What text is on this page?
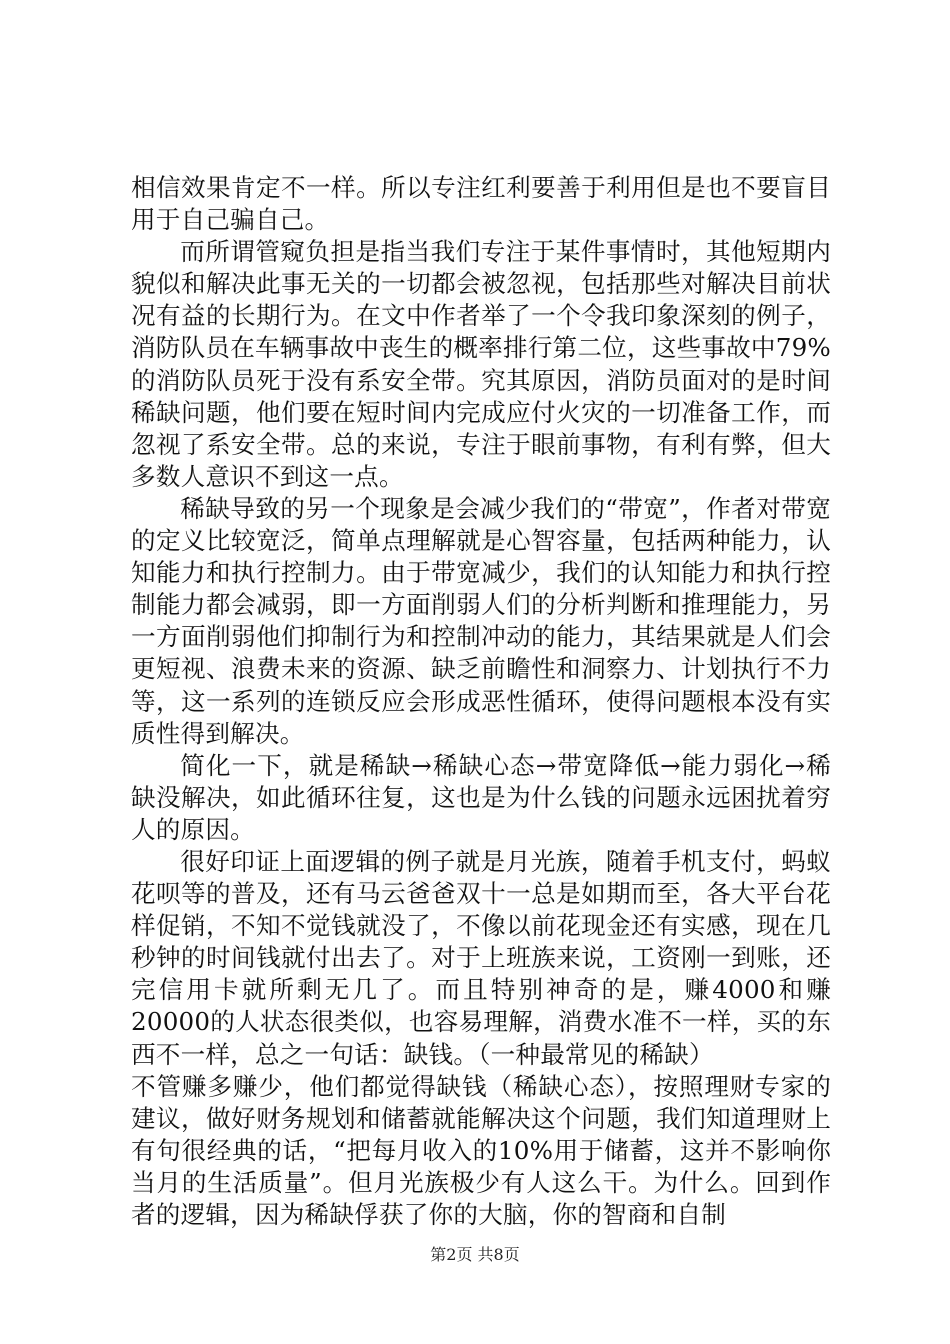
相信效果肯定不一样。所以专注红利要善于利用但是也不要盲目用于自己骗自己。

而所谓管窥负担是指当我们专注于某件事情时，其他短期内貌似和解决此事无关的一切都会被忽视，包括那些对解决目前状况有益的长期行为。在文中作者举了一个令我印象深刻的例子，消防队员在车辆事故中丧生的概率排行第二位，这些事故中79%的消防队员死于没有系安全带。究其原因，消防员面对的是时间稀缺问题，他们要在短时间内完成应付火灾的一切准备工作，而忽视了系安全带。总的来说，专注于眼前事物，有利有弊，但大多数人意识不到这一点。

稀缺导致的另一个现象是会减少我们的“带宽”，作者对带宽的定义比较宽泛，简单点理解就是心智容量，包括两种能力，认知能力和执行控制力。由于带宽减少，我们的认知能力和执行控制能力都会减弱，即一方面削弱人们的分析判断和推理能力，另一方面削弱他们抑制行为和控制冲动的能力，其结果就是人们会更短视、浪费未来的资源、缺乏前瞻性和洞察力、计划执行不力等，这一系列的连锁反应会形成恶性循环，使得问题根本没有实质性得到解决。

简化一下，就是稀缺→稀缺心态→带宽降低→能力弱化→稀缺没解决，如此循环往复，这也是为什么钱的问题永远困扰着穷人的原因。

很好印证上面逻辑的例子就是月光族，随着手机支付，蚂蚁花呗等的普及，还有马云爸爸双十一总是如期而至，各大平台花样促销，不知不觉钱就没了，不像以前花现金还有实感，现在几秒钟的时间钱就付出去了。对于上班族来说，工资刚一到账，还完信用卡就所剩无几了。而且特别神奇的是，赚4000和赚20000的人状态很类似，也容易理解，消费水准不一样，买的东西不一样，总之一句话：缺钱。（一种最常见的稀缺）

不管赚多赚少，他们都觉得缺钱（稀缺心态），按照理财专家的建议，做好财务规划和储蓄就能解决这个问题，我们知道理财上有句很经典的话，“把每月收入的10%用于储蓄，这并不影响你当月的生活质量”。但月光族极少有人这么干。为什么。回到作者的逻辑，因为稀缺俘获了你的大脑，你的智商和自制

第2页 共8页
